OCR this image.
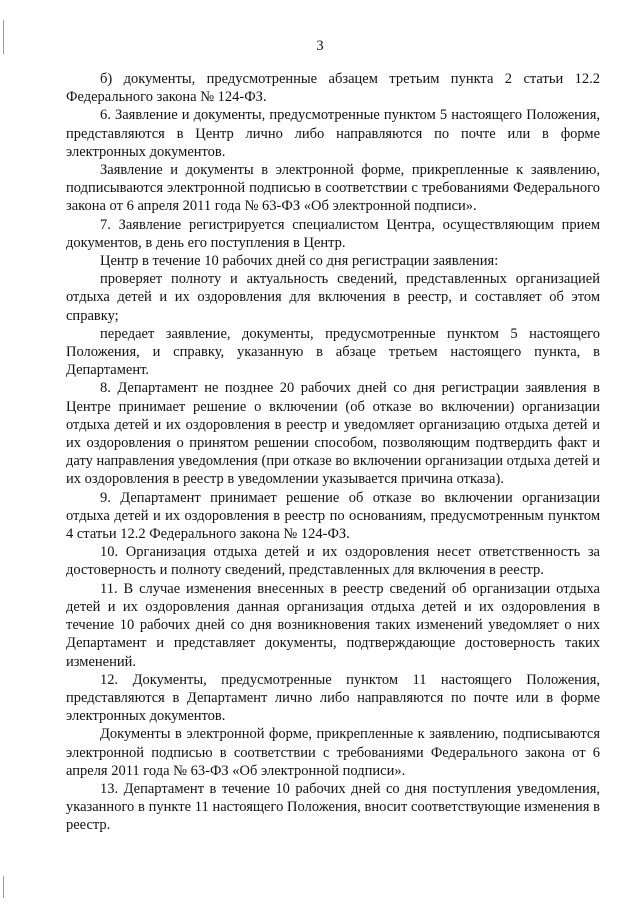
3

б) документы, предусмотренные абзацем третьим пункта 2 статьи 12.2 Федерального закона № 124-ФЗ.

6. Заявление и документы, предусмотренные пунктом 5 настоящего Положения, представляются в Центр лично либо направляются по почте или в форме электронных документов.

Заявление и документы в электронной форме, прикрепленные к заявлению, подписываются электронной подписью в соответствии с требованиями Федерального закона от 6 апреля 2011 года № 63-ФЗ «Об электронной подписи».

7. Заявление регистрируется специалистом Центра, осуществляющим прием документов, в день его поступления в Центр.

Центр в течение 10 рабочих дней со дня регистрации заявления:

проверяет полноту и актуальность сведений, представленных организацией отдыха детей и их оздоровления для включения в реестр, и составляет об этом справку;

передает заявление, документы, предусмотренные пунктом 5 настоящего Положения, и справку, указанную в абзаце третьем настоящего пункта, в Департамент.

8. Департамент не позднее 20 рабочих дней со дня регистрации заявления в Центре принимает решение о включении (об отказе во включении) организации отдыха детей и их оздоровления в реестр и уведомляет организацию отдыха детей и их оздоровления о принятом решении способом, позволяющим подтвердить факт и дату направления уведомления (при отказе во включении организации отдыха детей и их оздоровления в реестр в уведомлении указывается причина отказа).

9. Департамент принимает решение об отказе во включении организации отдыха детей и их оздоровления в реестр по основаниям, предусмотренным пунктом 4 статьи 12.2 Федерального закона № 124-ФЗ.

10. Организация отдыха детей и их оздоровления несет ответственность за достоверность и полноту сведений, представленных для включения в реестр.

11. В случае изменения внесенных в реестр сведений об организации отдыха детей и их оздоровления данная организация отдыха детей и их оздоровления в течение 10 рабочих дней со дня возникновения таких изменений уведомляет о них Департамент и представляет документы, подтверждающие достоверность таких изменений.

12. Документы, предусмотренные пунктом 11 настоящего Положения, представляются в Департамент лично либо направляются по почте или в форме электронных документов.

Документы в электронной форме, прикрепленные к заявлению, подписываются электронной подписью в соответствии с требованиями Федерального закона от 6 апреля 2011 года № 63-ФЗ «Об электронной подписи».

13. Департамент в течение 10 рабочих дней со дня поступления уведомления, указанного в пункте 11 настоящего Положения, вносит соответствующие изменения в реестр.
